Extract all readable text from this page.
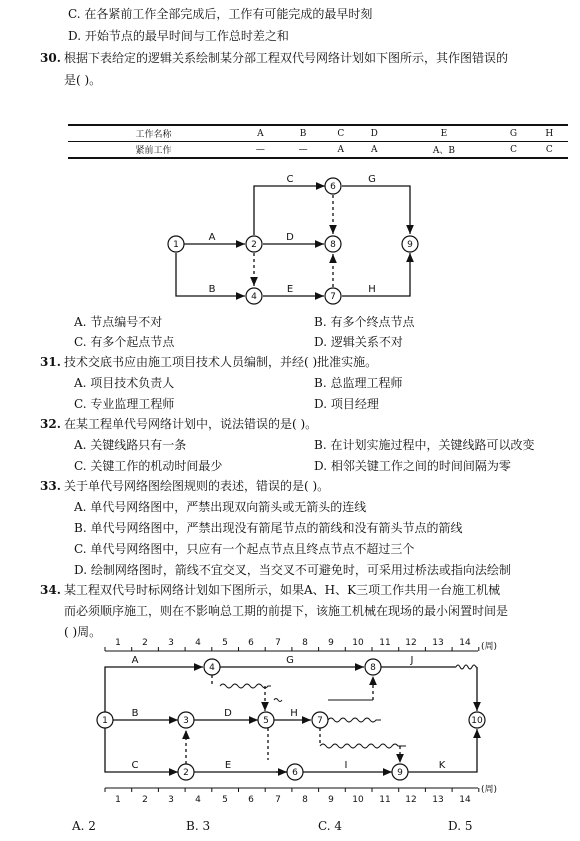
C. 在各紧前工作全部完成后，工作有可能完成的最早时刻
D. 开始节点的最早时间与工作总时差之和
30. 根据下表给定的逻辑关系绘制某分部工程双代号网络计划如下图所示，其作图错误的
是( )。
工作名称	A	B	C	D	E	G	H
紧前工作	—	—	A	A	A、B	C	C
1	2
4
6
8
7
9
A
B
C
D
E
G
H
A. 节点编号不对	B. 有多个终点节点
C. 有多个起点节点	D. 逻辑关系不对
31. 技术交底书应由施工项目技术人员编制，并经( )批准实施。
A. 项目技术负责人	B. 总监理工程师
C. 专业监理工程师	D. 项目经理
32. 在某工程单代号网络计划中，说法错误的是( )。
A. 关键线路只有一条	B. 在计划实施过程中，关键线路可以改变
C. 关键工作的机动时间最少	D. 相邻关键工作之间的时间间隔为零
33. 关于单代号网络图绘图规则的表述，错误的是( )。
A. 单代号网络图中，严禁出现双向箭头或无箭头的连线
B. 单代号网络图中，严禁出现没有箭尾节点的箭线和没有箭头节点的箭线
C. 单代号网络图中，只应有一个起点节点且终点节点不超过三个
D. 绘制网络图时，箭线不宜交叉，当交叉不可避免时，可采用过桥法或指向法绘制
34. 某工程双代号时标网络计划如下图所示，如果A、H、K三项工作共用一台施工机械
而必须顺序施工，则在不影响总工期的前提下，该施工机械在现场的最小闲置时间是
( )周。
1 2 3 4 5 6 7 8 9 10 11 12 13 14
1 2 3 4 5 6 7 8 9 10 11 12 13 14
(周)
(周)
1
2
3
4
5
6
7
8
9
10
A
B
C
D
E
G
H
I
J
K
A. 2	B. 3	C. 4	D. 5
